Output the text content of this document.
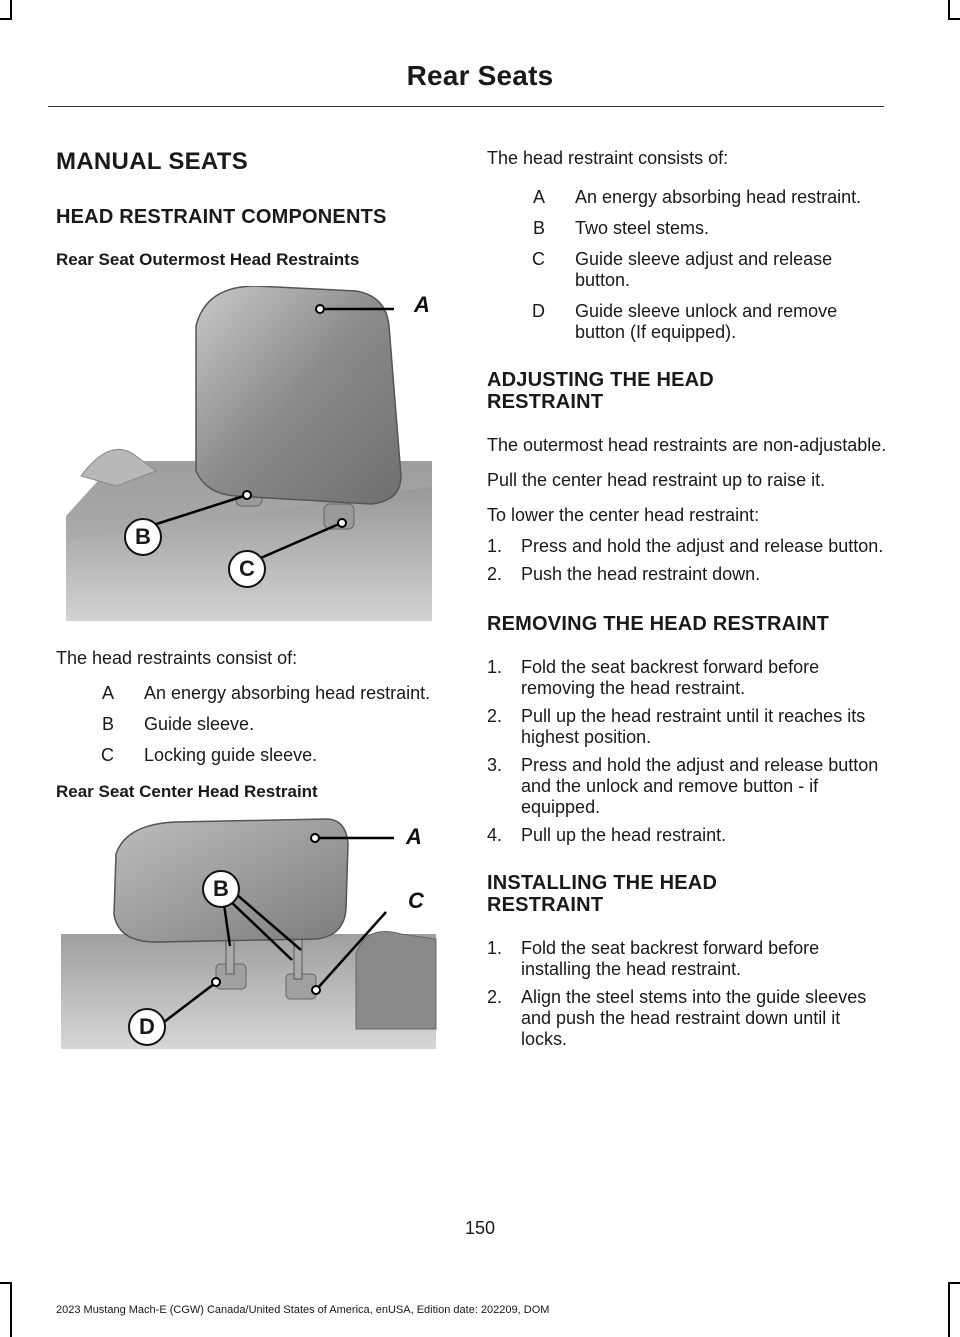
Rear Seats
MANUAL SEATS
HEAD RESTRAINT COMPONENTS
Rear Seat Outermost Head Restraints
A
B
C

The head restraints consist of:

A	An energy absorbing head restraint.
B	Guide sleeve.
C	Locking guide sleeve.
Rear Seat Center Head Restraint
A
B	C
D

The head restraint consists of:

A	An energy absorbing head restraint.
B	Two steel stems.
C	Guide sleeve adjust and release button.
D	Guide sleeve unlock and remove button (If equipped).
ADJUSTING THE HEAD RESTRAINT

The outermost head restraints are non-adjustable.

Pull the center head restraint up to raise it.

To lower the center head restraint:

1.	Press and hold the adjust and release button.
2.	Push the head restraint down.
REMOVING THE HEAD RESTRAINT
1.	Fold the seat backrest forward before removing the head restraint.
2.	Pull up the head restraint until it reaches its highest position.
3.	Press and hold the adjust and release button and the unlock and remove button - if equipped.
4.	Pull up the head restraint.
INSTALLING THE HEAD RESTRAINT
1.	Fold the seat backrest forward before installing the head restraint.
2.	Align the steel stems into the guide sleeves and push the head restraint down until it locks.
150
2023 Mustang Mach-E (CGW) Canada/United States of America, enUSA, Edition date: 202209, DOM
